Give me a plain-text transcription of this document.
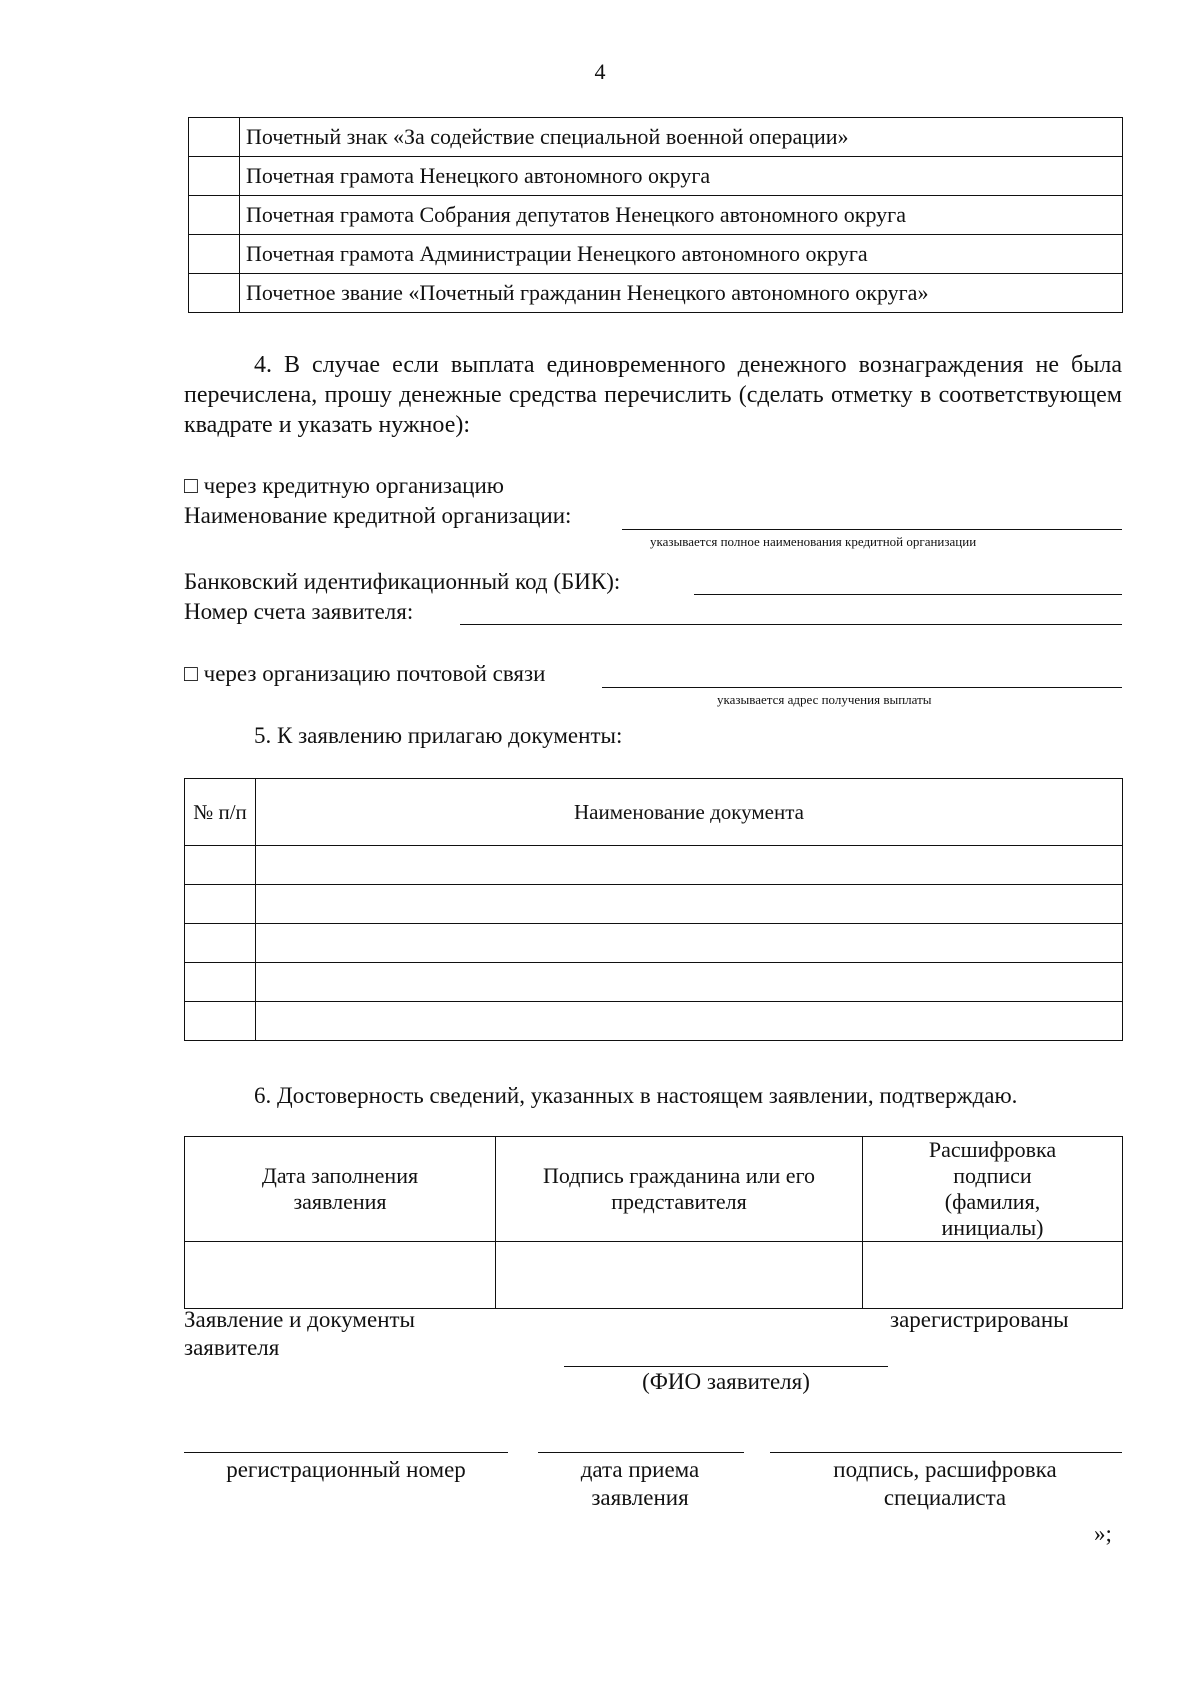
4
	Почетный знак «За содействие специальной военной операции»
	Почетная грамота Ненецкого автономного округа
	Почетная грамота Собрания депутатов Ненецкого автономного округа
	Почетная грамота Администрации Ненецкого автономного округа
	Почетное звание «Почетный гражданин Ненецкого автономного округа»
4. В случае если выплата единовременного денежного вознаграждения не была перечислена, прошу денежные средства перечислить (сделать отметку в соответствующем квадрате и указать нужное):
□ через кредитную организацию
Наименование кредитной организации:
указывается полное наименования кредитной организации
Банковский идентификационный код (БИК):
Номер счета заявителя:
□ через организацию почтовой связи
указывается адрес получения выплаты
5. К заявлению прилагаю документы:
№ п/п	Наименование документа

6. Достоверность сведений, указанных в настоящем заявлении, подтверждаю.
Дата заполнения заявления	Подпись гражданина или его представителя	Расшифровка подписи (фамилия, инициалы)

Заявление и документы заявителя
зарегистрированы
(ФИО заявителя)
регистрационный номер	дата приема заявления
подпись, расшифровка специалиста
»;
